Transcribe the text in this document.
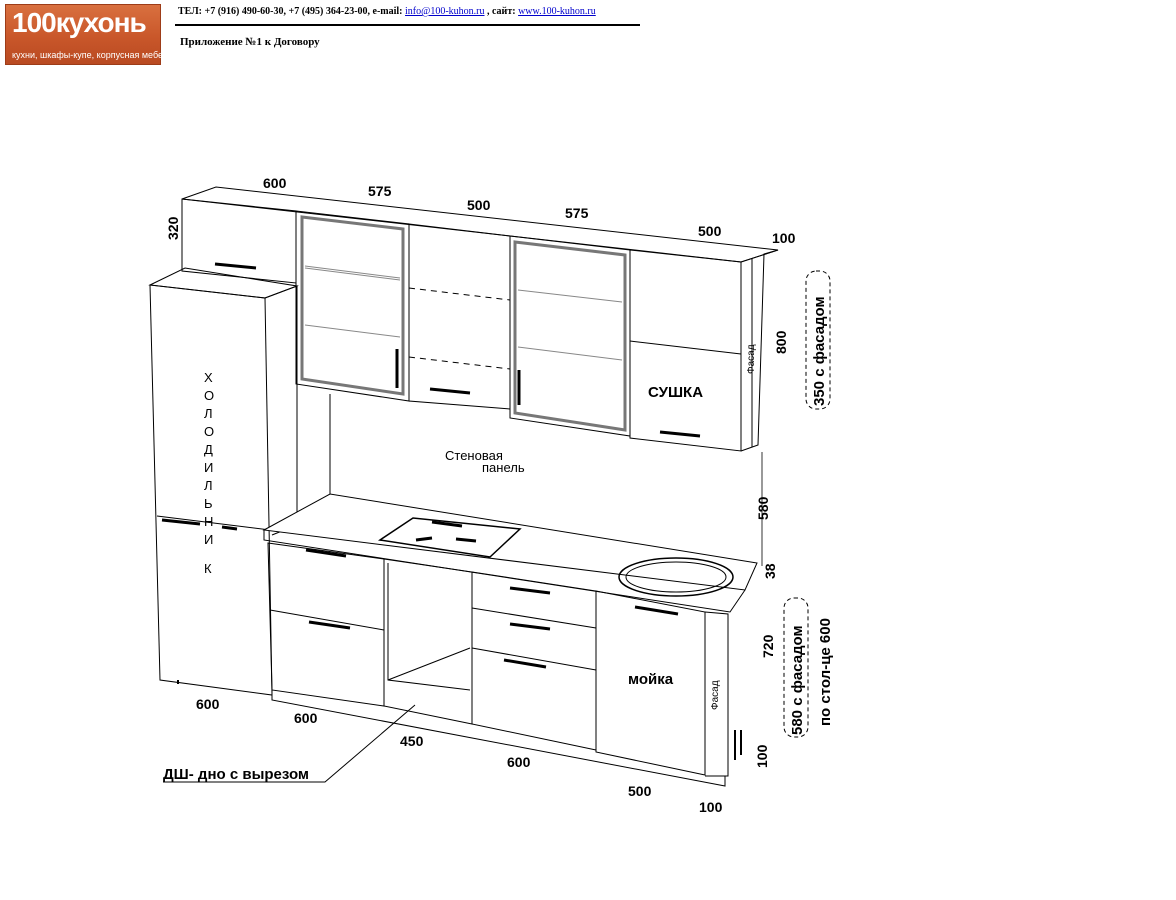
100кухонь
кухни, шкафы-купе, корпусная мебель
ТЕЛ: +7 (916) 490-60-30, +7 (495) 364-23-00, e-mail: info@100-kuhon.ru , сайт: www.100-kuhon.ru
Приложение №1 к Договору
600	575
500	575
500	100
320
800
580
350 с фасадом
СУШКА
Фасад
Стеновая
панель
Х
О
Л
О
Д
И
Л
Ь
Н
И
К
мойка
Фасад
600
600
450
600
500
100
38
720
100
580 с фасадом по стол-це 600
ДШ- дно с вырезом
